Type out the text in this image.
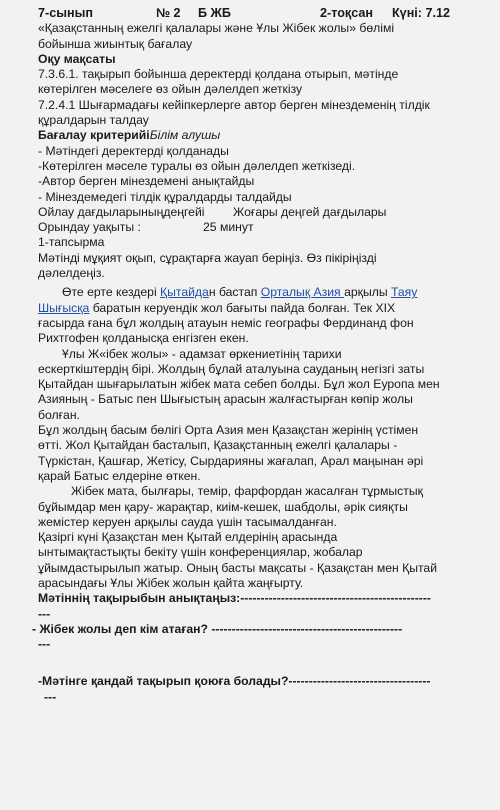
7-сынып	№ 2	Б ЖБ	2-тоқсан	Күні: 7.12
«Қазақстанның ежелгі қалалары және Ұлы Жібек жолы» бөлімі
бойынша жиынтық бағалау
Оқу мақсаты
7.3.6.1. тақырып бойынша деректерді қолдана отырып, мәтінде
көтерілген мәселеге өз ойын дәлелдеп жеткізу
7.2.4.1 Шығармадағы кейіпкерлерге автор берген мінездеменің тілдік
құралдарын талдау
Бағалау критерийіБілім алушы
- Мәтіндегі деректерді қолданады
-Көтерілген мәселе туралы өз ойын дәлелдеп жеткізеді.
-Автор берген мінездемені анықтайды
- Мінездемедегі тілдік құралдарды талдайды
Ойлау дағдыларыныңдеңгейі Жоғары деңгей дағдылары
Орындау уақыты :	25 минут
1-тапсырма
Мәтінді мұқият оқып, сұрақтарға жауап беріңіз. Өз пікіріңізді
дәлелдеңіз.
Өте ерте кездері Қытайдан бастап Орталық Азия арқылы Таяу
Шығысқа баратын керуендік жол бағыты пайда болған. Тек XIX
ғасырда ғана бұл жолдың атауын неміс географы Фердинанд фон
Рихтгофен қолданысқа енгізген екен.
Ұлы Ж«ібек жолы» - адамзат өркениетінің тарихи
ескерткіштердің бірі. Жолдың бұлай аталуына сауданың негізгі заты
Қытайдан шығарылатын жібек мата себеп болды. Бұл жол Еуропа мен
Азияның - Батыс пен Шығыстың арасын жалғастырған көпір жолы
болған.
Бұл жолдың басым бөлігі Орта Азия мен Қазақстан жерінің үстімен
өтті. Жол Қытайдан басталып, Қазақстанның ежелгі қалалары -
Түркістан, Қашғар, Жетісу, Сырдарияны жағалап, Арал маңынан әрі
қарай Батыс елдеріне өткен.
Жібек мата, былғары, темір, фарфордан жасалған тұрмыстық
бұйымдар мен қару- жарақтар, киім-кешек, шабдолы, әрік сияқты
жемістер керуен арқылы сауда үшін тасымалданған.
Қазіргі күні Қазақстан мен Қытай елдерінің арасында
ынтымақтастықты бекіту үшін конференциялар, жобалар
ұйымдастырылып жатыр. Оның басты мақсаты - Қазақстан мен Қытай
арасындағы Ұлы Жібек жолын қайта жаңғырту.
Мәтіннің тақырыбын анықтаңыз:-----------------------------------------------
---
- Жібек жолы деп кім атаған? -----------------------------------------------
---
-Мәтінге қандай тақырып қоюға болады?-----------------------------------
---
